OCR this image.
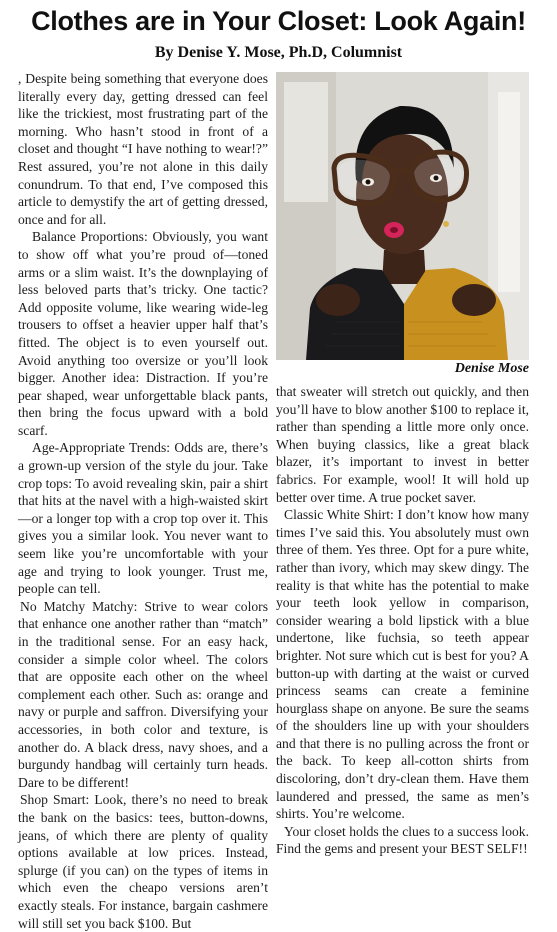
Clothes are in Your Closet: Look Again!
By Denise Y. Mose, Ph.D, Columnist

, Despite being something that everyone does literally every day, getting dressed can feel like the trickiest, most frustrating part of the morning. Who hasn’t stood in front of a closet and thought “I have nothing to wear!?” Rest assured, you’re not alone in this daily conundrum. To that end, I’ve composed this article to demystify the art of getting dressed, once and for all.

Balance Proportions: Obviously, you want to show off what you’re proud of—toned arms or a slim waist. It’s the downplaying of less beloved parts that’s tricky. One tactic? Add opposite volume, like wearing wide-leg trousers to offset a heavier upper half that’s fitted. The object is to even yourself out. Avoid anything too oversize or you’ll look bigger. Another idea: Distraction. If you’re pear shaped, wear unforgettable black pants, then bring the focus upward with a bold scarf.

Age-Appropriate Trends: Odds are, there’s a grown-up version of the style du jour. Take crop tops: To avoid revealing skin, pair a shirt that hits at the navel with a high-waisted skirt—or a longer top with a crop top over it. This gives you a similar look. You never want to seem like you’re uncomfortable with your age and trying to look younger. Trust me, people can tell.

No Matchy Matchy: Strive to wear colors that enhance one another rather than “match” in the traditional sense. For an easy hack, consider a simple color wheel. The colors that are opposite each other on the wheel complement each other. Such as: orange and navy or purple and saffron. Diversifying your accessories, in both color and texture, is another do. A black dress, navy shoes, and a burgundy handbag will certainly turn heads. Dare to be different!

Shop Smart: Look, there’s no need to break the bank on the basics: tees, button-downs, jeans, of which there are plenty of quality options available at low prices. Instead, splurge (if you can) on the types of items in which even the cheapo versions aren’t exactly steals. For instance, bargain cashmere will still set you back $100. But

Denise Mose

that sweater will stretch out quickly, and then you’ll have to blow another $100 to replace it, rather than spending a little more only once. When buying classics, like a great black blazer, it’s important to invest in better fabrics. For example, wool! It will hold up better over time. A true pocket saver.

Classic White Shirt: I don’t know how many times I’ve said this. You absolutely must own three of them. Yes three. Opt for a pure white, rather than ivory, which may skew dingy. The reality is that white has the potential to make your teeth look yellow in comparison, consider wearing a bold lipstick with a blue undertone, like fuchsia, so teeth appear brighter. Not sure which cut is best for you? A button-up with darting at the waist or curved princess seams can create a feminine hourglass shape on anyone. Be sure the seams of the shoulders line up with your shoulders and that there is no pulling across the front or the back. To keep all-cotton shirts from discoloring, don’t dry-clean them. Have them laundered and pressed, the same as men’s shirts. You’re welcome.

Your closet holds the clues to a success look. Find the gems and present your BEST SELF!!
